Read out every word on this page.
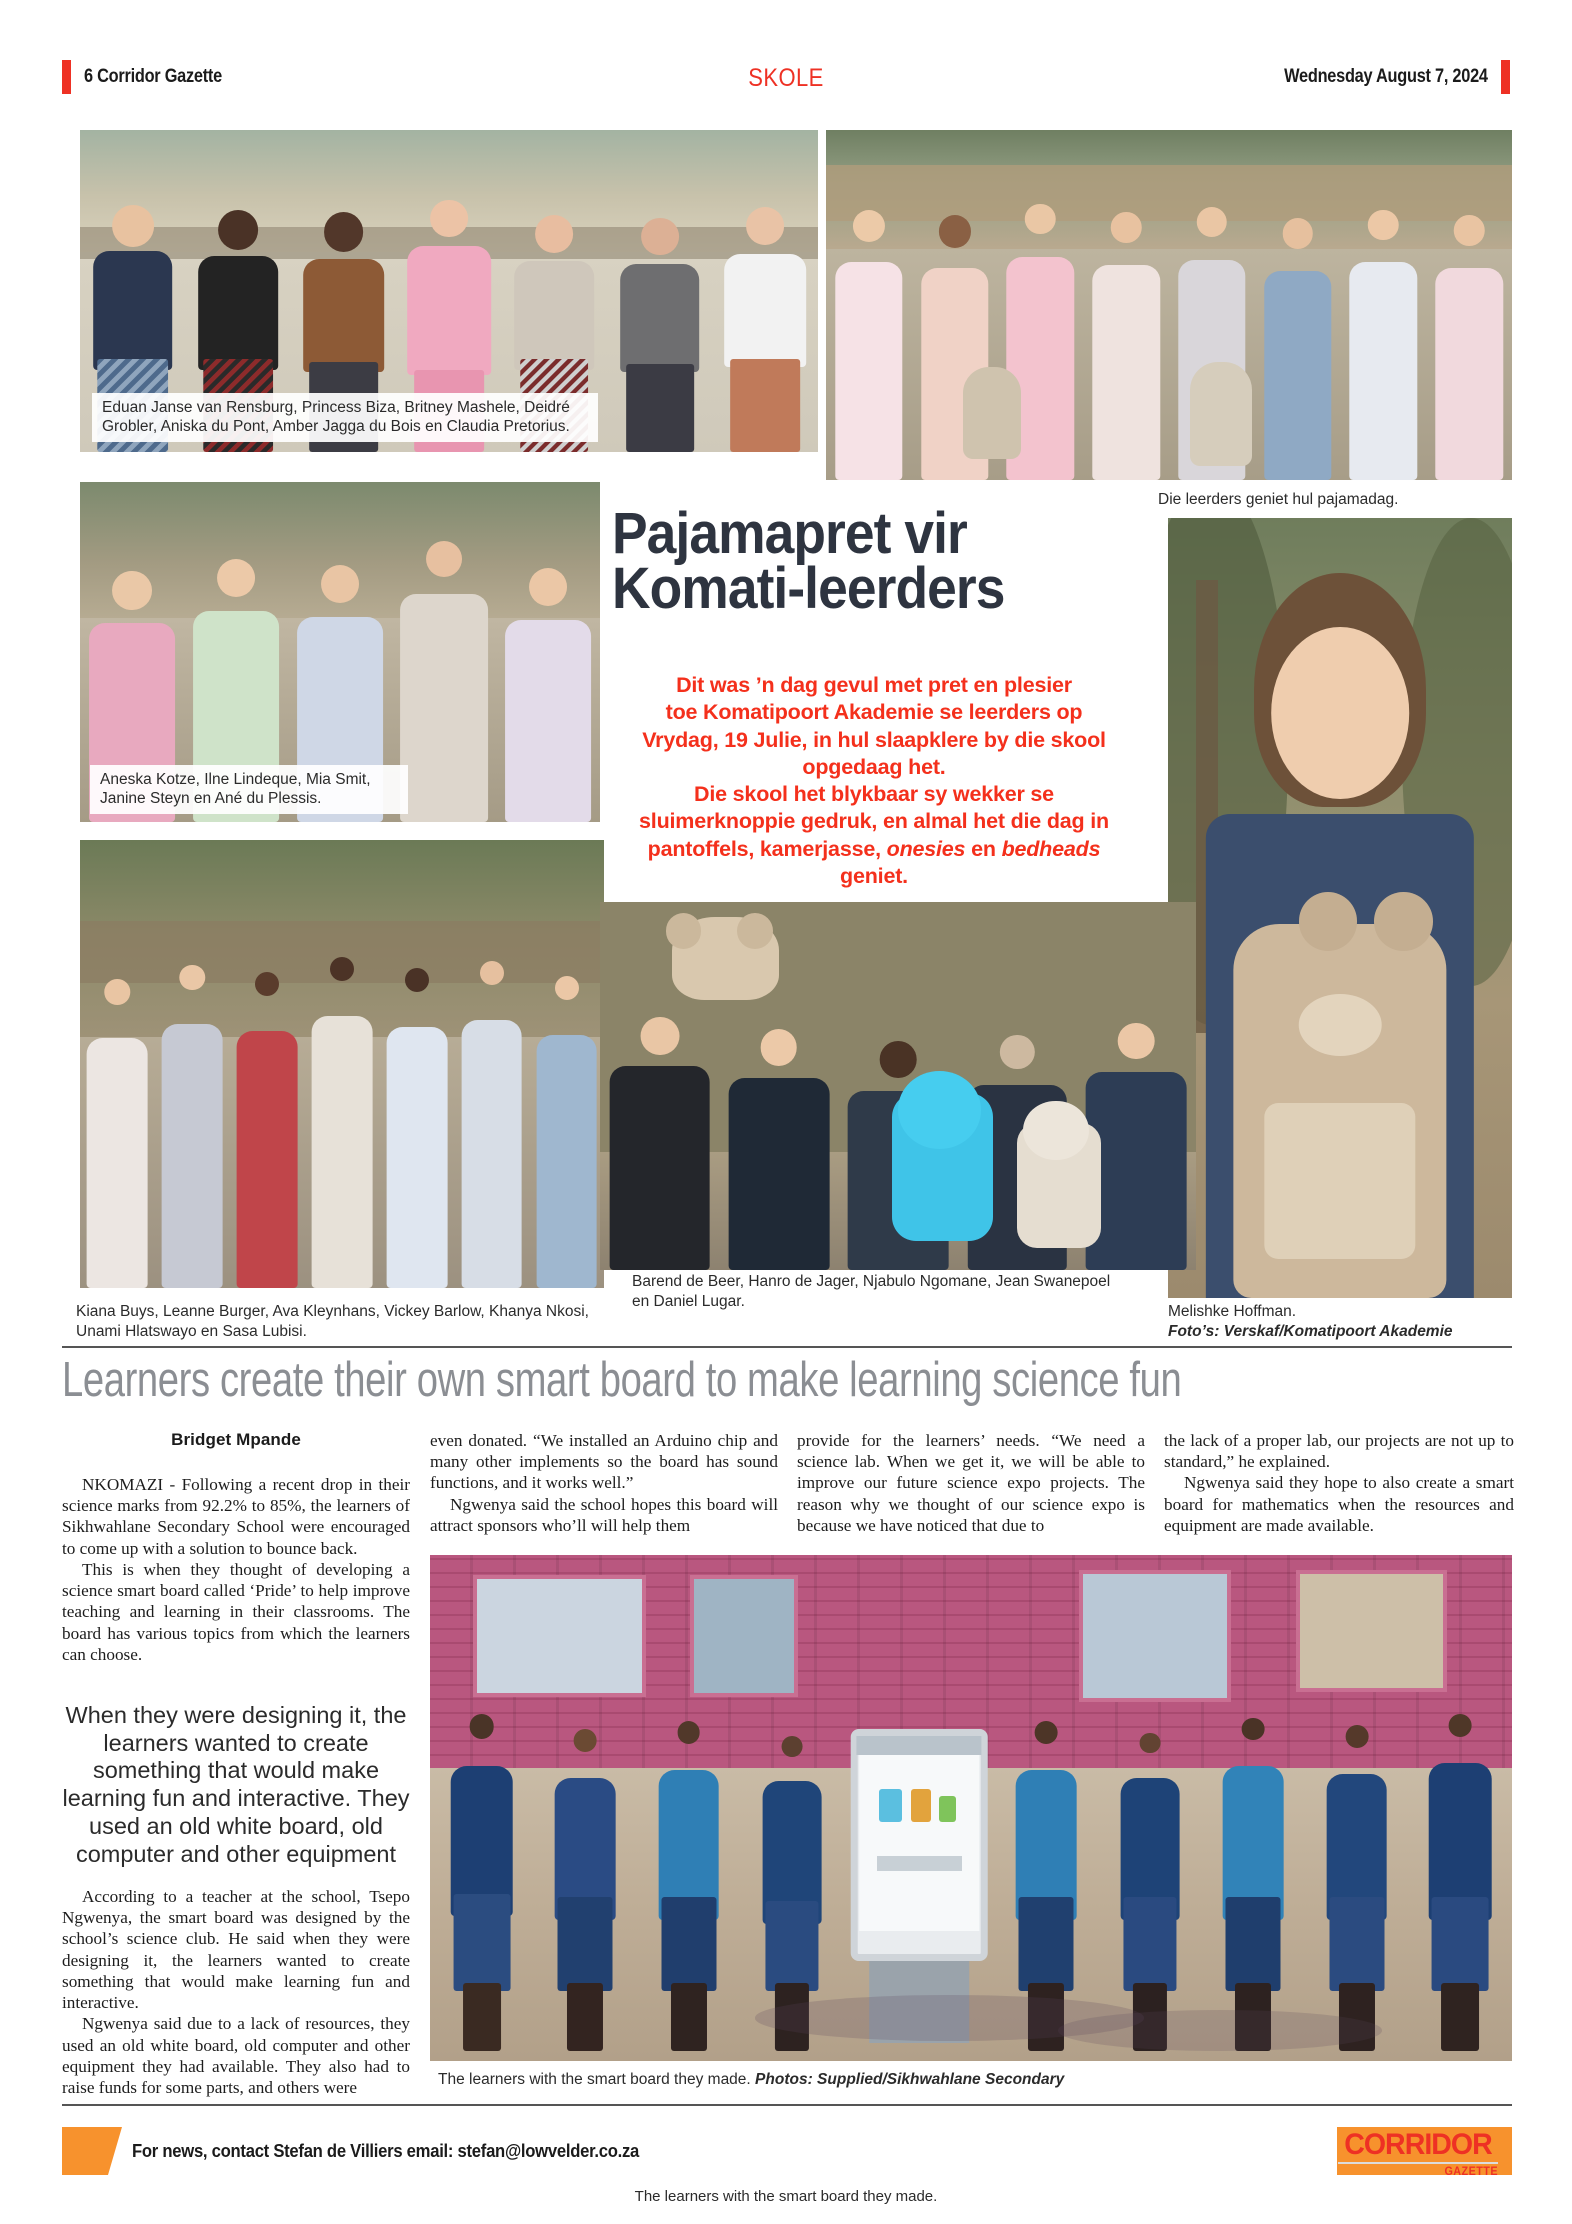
6 Corridor Gazette	SKOLE	Wednesday August 7, 2024
Eduan Janse van Rensburg, Princess Biza, Britney Mashele, Deidré Grobler, Aniska du Pont, Amber Jagga du Bois en Claudia Pretorius.
Die leerders geniet hul pajamadag.
Aneska Kotze, Ilne Lindeque, Mia Smit, Janine Steyn en Ané du Plessis.
Pajamapret vir
Komati-leerders
Dit was ’n dag gevul met pret en plesier
toe Komatipoort Akademie se leerders op
Vrydag, 19 Julie, in hul slaapklere by die skool
opgedaag het.
Die skool het blykbaar sy wekker se
sluimerknoppie gedruk, en almal het die dag in
pantoffels, kamerjasse, onesies en bedheads
geniet.
Kiana Buys, Leanne Burger, Ava Kleynhans, Vickey Barlow, Khanya Nkosi, Unami Hlatswayo en Sasa Lubisi.
Barend de Beer, Hanro de Jager, Njabulo Ngomane, Jean Swanepoel en Daniel Lugar.
Melishke Hoffman.
Foto’s: Verskaf/Komatipoort Akademie
Learners create their own smart board to make learning science fun
Bridget Mpande

NKOMAZI - Following a recent drop in their science marks from 92.2% to 85%, the learners of Sikhwahlane Secondary School were encouraged to come up with a solution to bounce back.

This is when they thought of developing a science smart board called ‘Pride’ to help improve teaching and learning in their classrooms. The board has various topics from which the learners can choose.

When they were designing it, the learners wanted to create something that would make learning fun and interactive. They used an old white board, old computer and other equipment

According to a teacher at the school, Tsepo Ngwenya, the smart board was designed by the school’s science club. He said when they were designing it, the learners wanted to create something that would make learning fun and interactive.

Ngwenya said due to a lack of resources, they used an old white board, old computer and other equipment they had available. They also had to raise funds for some parts, and others were

even donated. “We installed an Arduino chip and many other implements so the board has sound functions, and it works well.”

Ngwenya said the school hopes this board will attract sponsors who’ll will help them

provide for the learners’ needs. “We need a science lab. When we get it, we will be able to improve our future science expo projects. The reason why we thought of our science expo is because we have noticed that due to

the lack of a proper lab, our projects are not up to standard,” he explained.

Ngwenya said they hope to also create a smart board for mathematics when the resources and equipment are made available.

The learners with the smart board they made. Photos: Supplied/Sikhwahlane Secondary
For news, contact Stefan de Villiers email: stefan@lowvelder.co.za	CORRIDOR
GAZETTE
The learners with the smart board they made.
